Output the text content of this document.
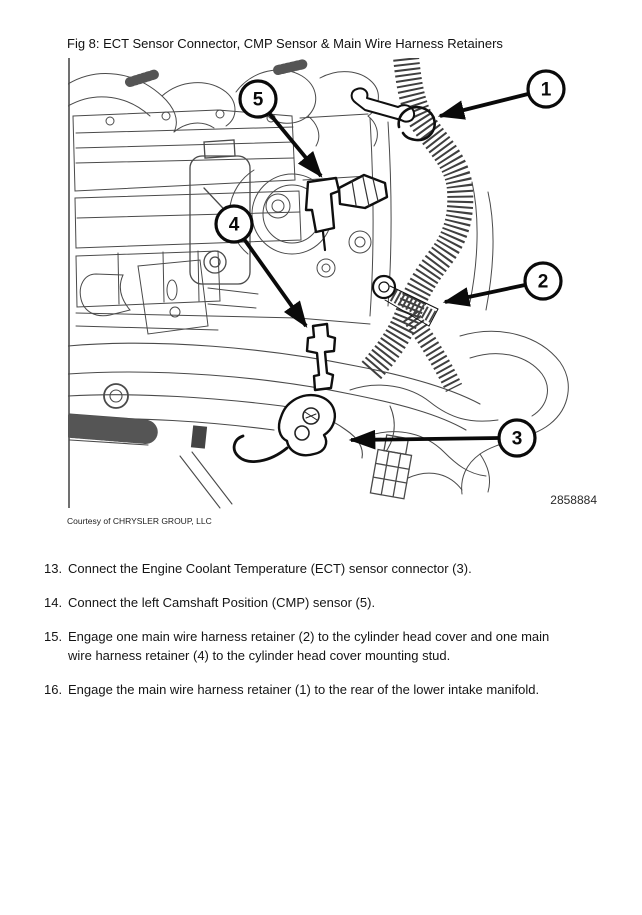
Fig 8: ECT Sensor Connector, CMP Sensor & Main Wire Harness Retainers
1
2
3
4
5
2858884
Courtesy of CHRYSLER GROUP, LLC
13. Connect the Engine Coolant Temperature (ECT) sensor connector (3).
14. Connect the left Camshaft Position (CMP) sensor (5).
15. Engage one main wire harness retainer (2) to the cylinder head cover and one main wire harness retainer (4) to the cylinder head cover mounting stud.
16. Engage the main wire harness retainer (1) to the rear of the lower intake manifold.
